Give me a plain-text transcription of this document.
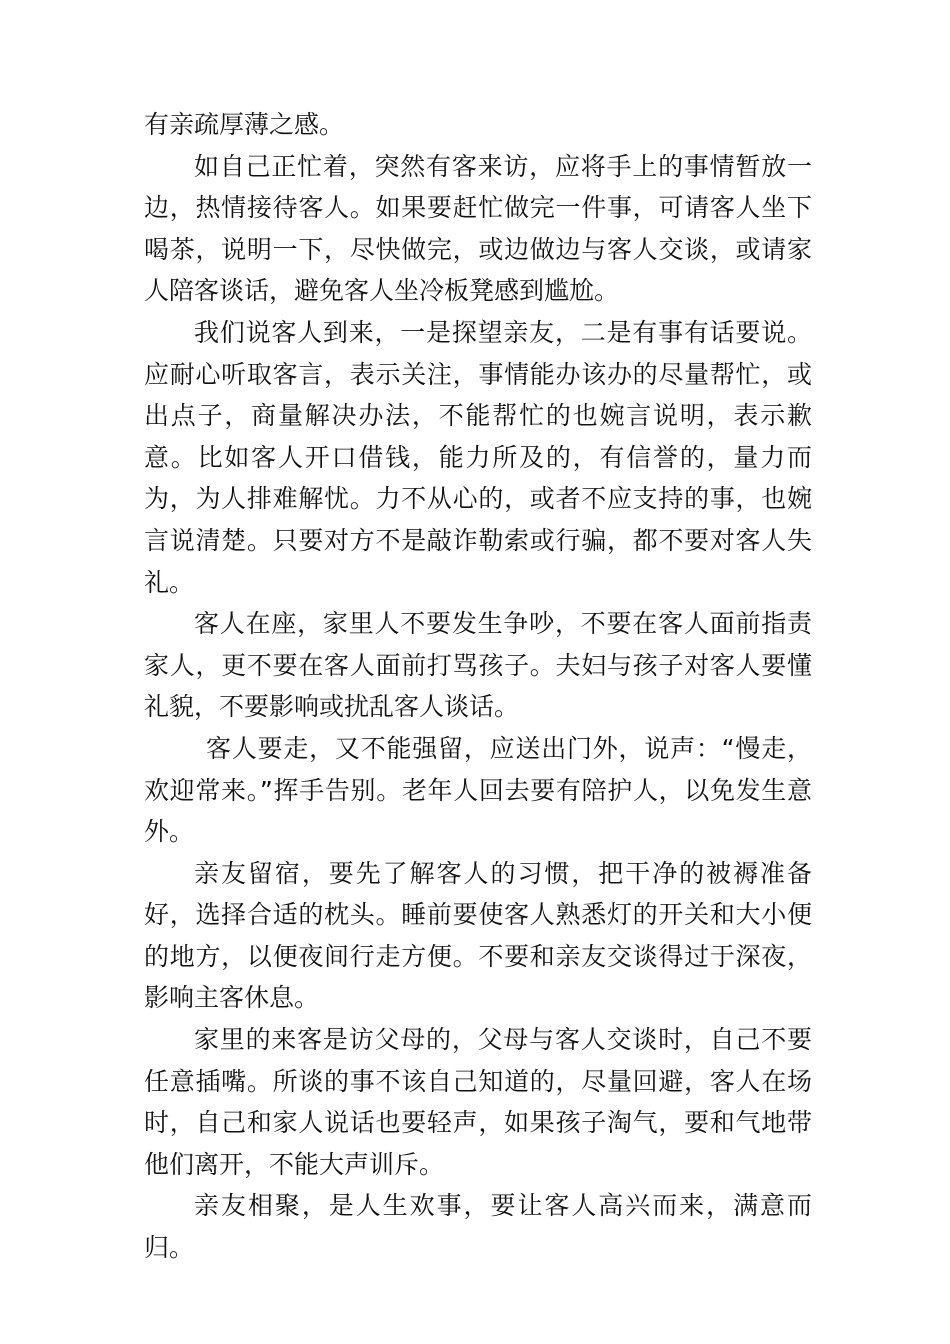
有亲疏厚薄之感。

如自己正忙着，突然有客来访，应将手上的事情暂放一边，热情接待客人。如果要赶忙做完一件事，可请客人坐下喝茶，说明一下，尽快做完，或边做边与客人交谈，或请家人陪客谈话，避免客人坐冷板凳感到尴尬。

我们说客人到来，一是探望亲友，二是有事有话要说。应耐心听取客言，表示关注，事情能办该办的尽量帮忙，或出点子，商量解决办法，不能帮忙的也婉言说明，表示歉意。比如客人开口借钱，能力所及的，有信誉的，量力而为，为人排难解忧。力不从心的，或者不应支持的事，也婉言说清楚。只要对方不是敲诈勒索或行骗，都不要对客人失礼。

客人在座，家里人不要发生争吵，不要在客人面前指责家人，更不要在客人面前打骂孩子。夫妇与孩子对客人要懂礼貌，不要影响或扰乱客人谈话。

客人要走，又不能强留，应送出门外，说声：“慢走，欢迎常来。”挥手告别。老年人回去要有陪护人，以免发生意外。

亲友留宿，要先了解客人的习惯，把干净的被褥准备好，选择合适的枕头。睡前要使客人熟悉灯的开关和大小便的地方，以便夜间行走方便。不要和亲友交谈得过于深夜，影响主客休息。

家里的来客是访父母的，父母与客人交谈时，自己不要任意插嘴。所谈的事不该自己知道的，尽量回避，客人在场时，自己和家人说话也要轻声，如果孩子淘气，要和气地带他们离开，不能大声训斥。

亲友相聚，是人生欢事，要让客人高兴而来，满意而归。
